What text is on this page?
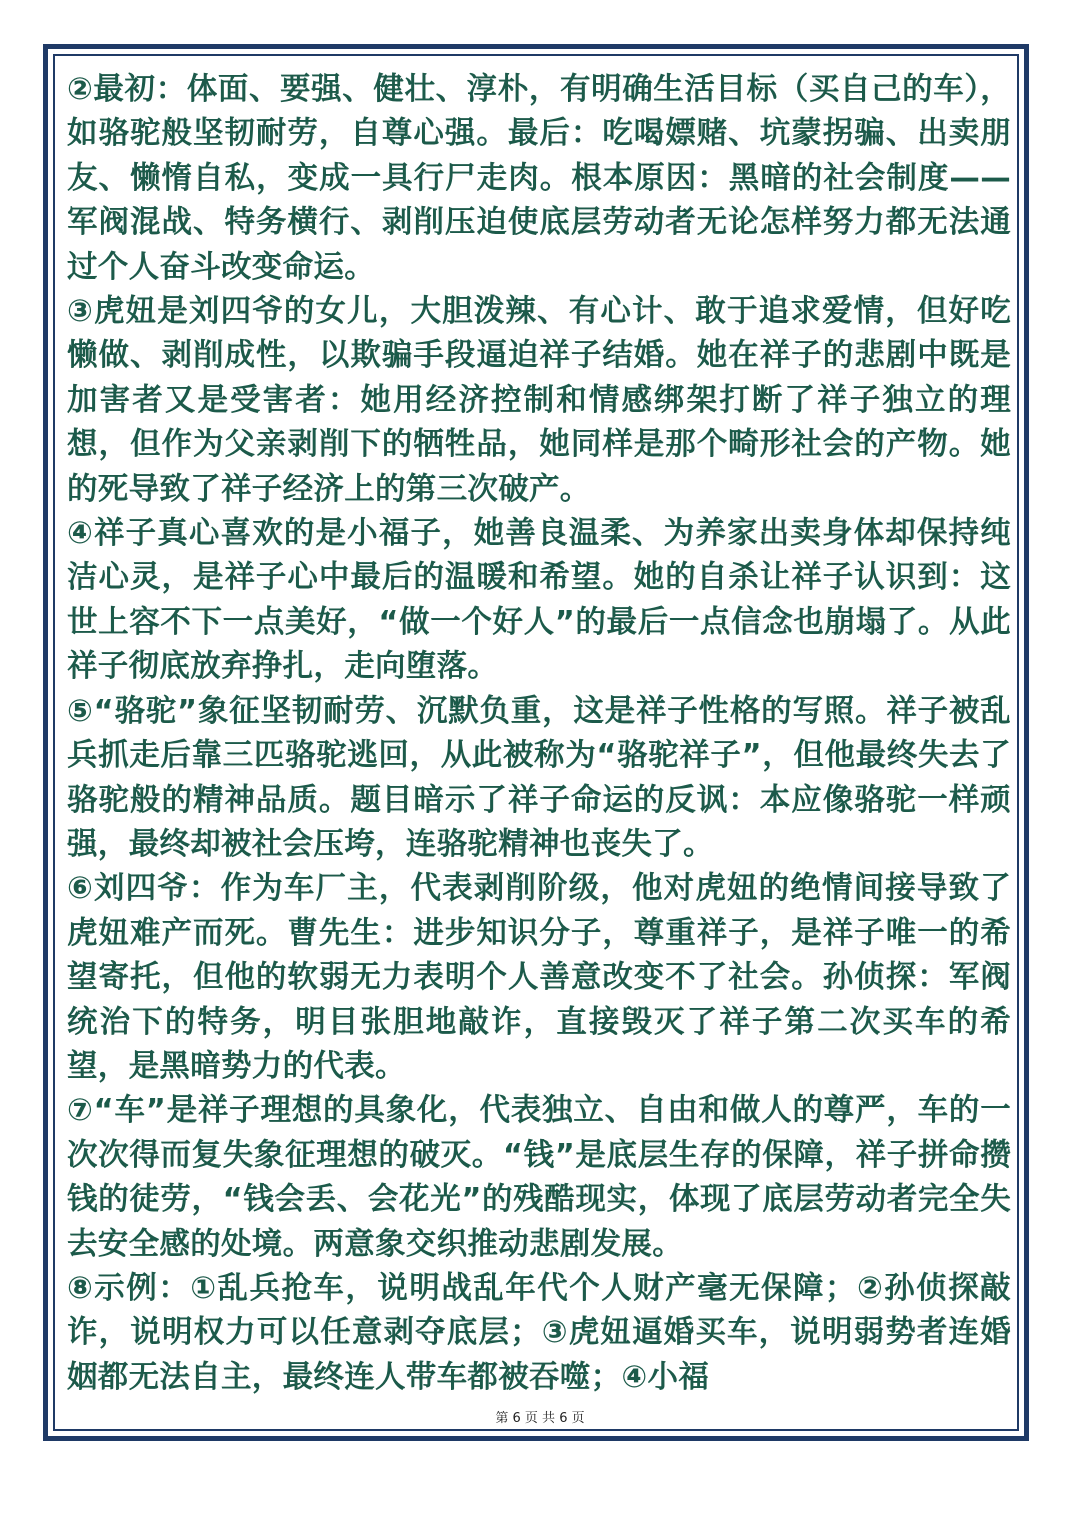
②最初：体面、要强、健壮、淳朴，有明确生活目标（买自己的车），如骆驼般坚韧耐劳，自尊心强。最后：吃喝嫖赌、坑蒙拐骗、出卖朋友、懒惰自私，变成一具行尸走肉。根本原因：黑暗的社会制度——军阀混战、特务横行、剥削压迫使底层劳动者无论怎样努力都无法通过个人奋斗改变命运。

③虎妞是刘四爷的女儿，大胆泼辣、有心计、敢于追求爱情，但好吃懒做、剥削成性，以欺骗手段逼迫祥子结婚。她在祥子的悲剧中既是加害者又是受害者：她用经济控制和情感绑架打断了祥子独立的理想，但作为父亲剥削下的牺牲品，她同样是那个畸形社会的产物。她的死导致了祥子经济上的第三次破产。

④祥子真心喜欢的是小福子，她善良温柔、为养家出卖身体却保持纯洁心灵，是祥子心中最后的温暖和希望。她的自杀让祥子认识到：这世上容不下一点美好，“做一个好人”的最后一点信念也崩塌了。从此祥子彻底放弃挣扎，走向堕落。

⑤“骆驼”象征坚韧耐劳、沉默负重，这是祥子性格的写照。祥子被乱兵抓走后靠三匹骆驼逃回，从此被称为“骆驼祥子”，但他最终失去了骆驼般的精神品质。题目暗示了祥子命运的反讽：本应像骆驼一样顽强，最终却被社会压垮，连骆驼精神也丧失了。

⑥刘四爷：作为车厂主，代表剥削阶级，他对虎妞的绝情间接导致了虎妞难产而死。曹先生：进步知识分子，尊重祥子，是祥子唯一的希望寄托，但他的软弱无力表明个人善意改变不了社会。孙侦探：军阀统治下的特务，明目张胆地敲诈，直接毁灭了祥子第二次买车的希望，是黑暗势力的代表。

⑦“车”是祥子理想的具象化，代表独立、自由和做人的尊严，车的一次次得而复失象征理想的破灭。“钱”是底层生存的保障，祥子拼命攒钱的徒劳，“钱会丢、会花光”的残酷现实，体现了底层劳动者完全失去安全感的处境。两意象交织推动悲剧发展。

⑧示例：①乱兵抢车，说明战乱年代个人财产毫无保障；②孙侦探敲诈，说明权力可以任意剥夺底层；③虎妞逼婚买车，说明弱势者连婚姻都无法自主，最终连人带车都被吞噬；④小福

第 6 页 共 6 页
